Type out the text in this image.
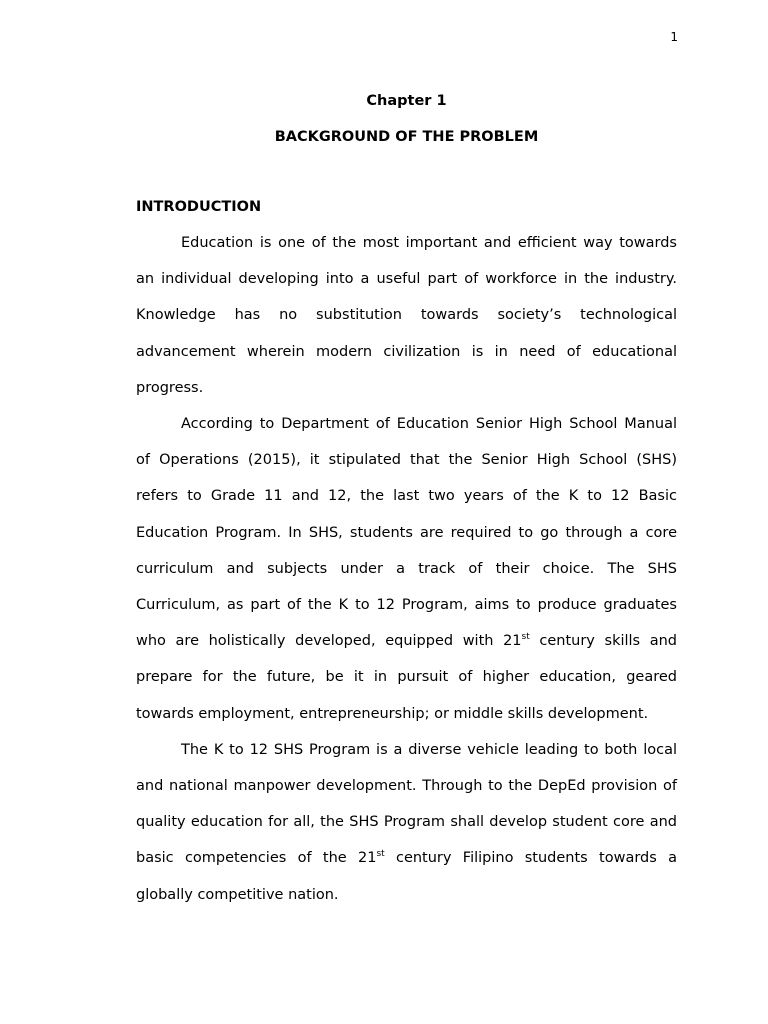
1
Chapter 1
BACKGROUND OF THE PROBLEM
INTRODUCTION

Education is one of the most important and efficient way towards an individual developing into a useful part of workforce in the industry. Knowledge has no substitution towards society’s technological advancement wherein modern civilization is in need of educational progress.

According to Department of Education Senior High School Manual of Operations (2015), it stipulated that the Senior High School (SHS) refers to Grade 11 and 12, the last two years of the K to 12 Basic Education Program. In SHS, students are required to go through a core curriculum and subjects under a track of their choice. The SHS Curriculum, as part of the K to 12 Program, aims to produce graduates who are holistically developed, equipped with 21st century skills and prepare for the future, be it in pursuit of higher education, geared towards employment, entrepreneurship; or middle skills development.

The K to 12 SHS Program is a diverse vehicle leading to both local and national manpower development. Through to the DepEd provision of quality education for all, the SHS Program shall develop student core and basic competencies of the 21st century Filipino students towards a globally competitive nation.
